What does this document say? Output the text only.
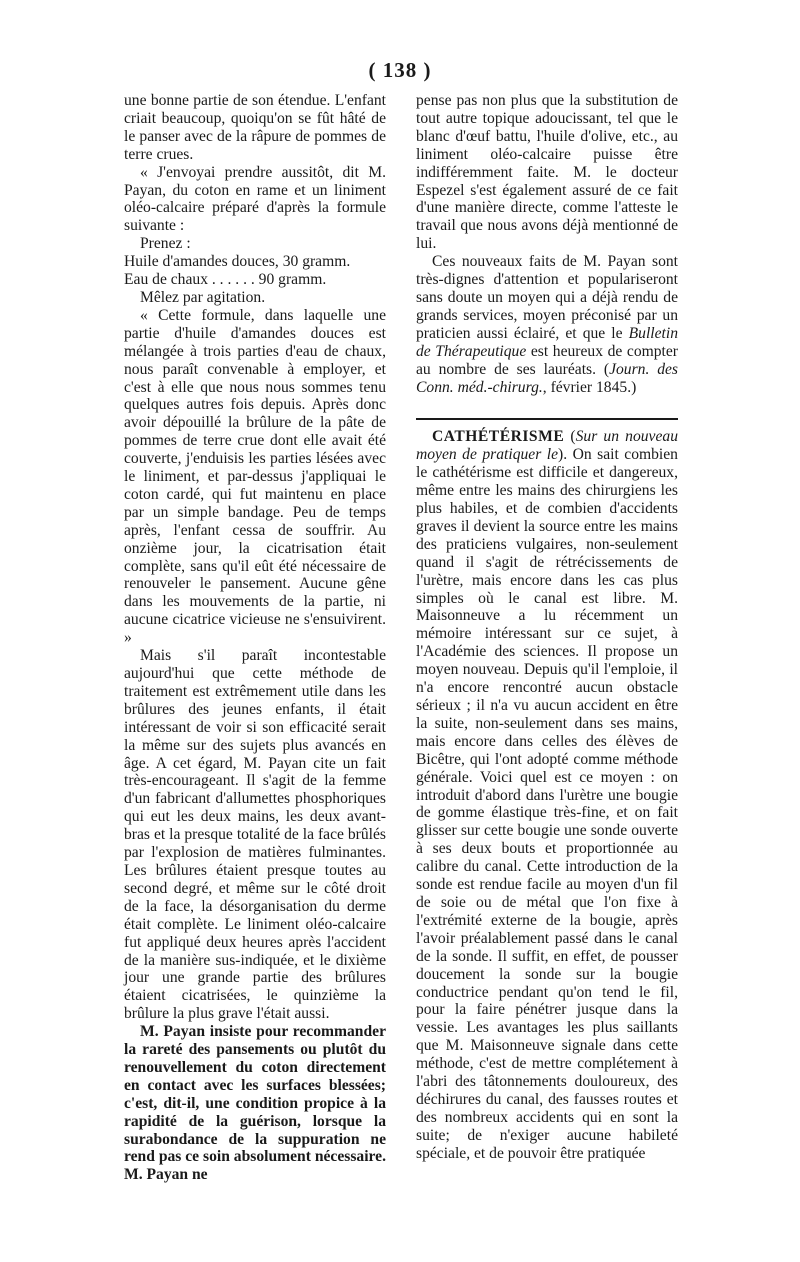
( 138 )

une bonne partie de son étendue. L'enfant criait beaucoup, quoiqu'on se fût hâté de le panser avec de la râpure de pommes de terre crues.

« J'envoyai prendre aussitôt, dit M. Payan, du coton en rame et un liniment oléo-calcaire préparé d'après la formule suivante :

Prenez :

Huile d'amandes douces, 30 gramm.

Eau de chaux . . . . . . 90 gramm.

Mêlez par agitation.

« Cette formule, dans laquelle une partie d'huile d'amandes douces est mélangée à trois parties d'eau de chaux, nous paraît convenable à employer, et c'est à elle que nous nous sommes tenu quelques autres fois depuis. Après donc avoir dépouillé la brûlure de la pâte de pommes de terre crue dont elle avait été couverte, j'enduisis les parties lésées avec le liniment, et par-dessus j'appliquai le coton cardé, qui fut maintenu en place par un simple bandage. Peu de temps après, l'enfant cessa de souffrir. Au onzième jour, la cicatrisation était complète, sans qu'il eût été nécessaire de renouveler le pansement. Aucune gêne dans les mouvements de la partie, ni aucune cicatrice vicieuse ne s'ensuivirent. »

Mais s'il paraît incontestable aujourd'hui que cette méthode de traitement est extrêmement utile dans les brûlures des jeunes enfants, il était intéressant de voir si son efficacité serait la même sur des sujets plus avancés en âge. A cet égard, M. Payan cite un fait très-encourageant. Il s'agit de la femme d'un fabricant d'allumettes phosphoriques qui eut les deux mains, les deux avant-bras et la presque totalité de la face brûlés par l'explosion de matières fulminantes. Les brûlures étaient presque toutes au second degré, et même sur le côté droit de la face, la désorganisation du derme était complète. Le liniment oléo-calcaire fut appliqué deux heures après l'accident de la manière sus-indiquée, et le dixième jour une grande partie des brûlures étaient cicatrisées, le quinzième la brûlure la plus grave l'était aussi.

M. Payan insiste pour recommander la rareté des pansements ou plutôt du renouvellement du coton directement en contact avec les surfaces blessées; c'est, dit-il, une condition propice à la rapidité de la guérison, lorsque la surabondance de la suppuration ne rend pas ce soin absolument nécessaire. M. Payan ne

pense pas non plus que la substitution de tout autre topique adoucissant, tel que le blanc d'œuf battu, l'huile d'olive, etc., au liniment oléo-calcaire puisse être indifféremment faite. M. le docteur Espezel s'est également assuré de ce fait d'une manière directe, comme l'atteste le travail que nous avons déjà mentionné de lui.

Ces nouveaux faits de M. Payan sont très-dignes d'attention et populariseront sans doute un moyen qui a déjà rendu de grands services, moyen préconisé par un praticien aussi éclairé, et que le Bulletin de Thérapeutique est heureux de compter au nombre de ses lauréats. (Journ. des Conn. méd.-chirurg., février 1845.)

CATHÉTÉRISME (Sur un nouveau moyen de pratiquer le). On sait combien le cathétérisme est difficile et dangereux, même entre les mains des chirurgiens les plus habiles, et de combien d'accidents graves il devient la source entre les mains des praticiens vulgaires, non-seulement quand il s'agit de rétrécissements de l'urètre, mais encore dans les cas plus simples où le canal est libre. M. Maisonneuve a lu récemment un mémoire intéressant sur ce sujet, à l'Académie des sciences. Il propose un moyen nouveau. Depuis qu'il l'emploie, il n'a encore rencontré aucun obstacle sérieux ; il n'a vu aucun accident en être la suite, non-seulement dans ses mains, mais encore dans celles des élèves de Bicêtre, qui l'ont adopté comme méthode générale. Voici quel est ce moyen : on introduit d'abord dans l'urètre une bougie de gomme élastique très-fine, et on fait glisser sur cette bougie une sonde ouverte à ses deux bouts et proportionnée au calibre du canal. Cette introduction de la sonde est rendue facile au moyen d'un fil de soie ou de métal que l'on fixe à l'extrémité externe de la bougie, après l'avoir préalablement passé dans le canal de la sonde. Il suffit, en effet, de pousser doucement la sonde sur la bougie conductrice pendant qu'on tend le fil, pour la faire pénétrer jusque dans la vessie. Les avantages les plus saillants que M. Maisonneuve signale dans cette méthode, c'est de mettre complétement à l'abri des tâtonnements douloureux, des déchirures du canal, des fausses routes et des nombreux accidents qui en sont la suite; de n'exiger aucune habileté spéciale, et de pouvoir être pratiquée
